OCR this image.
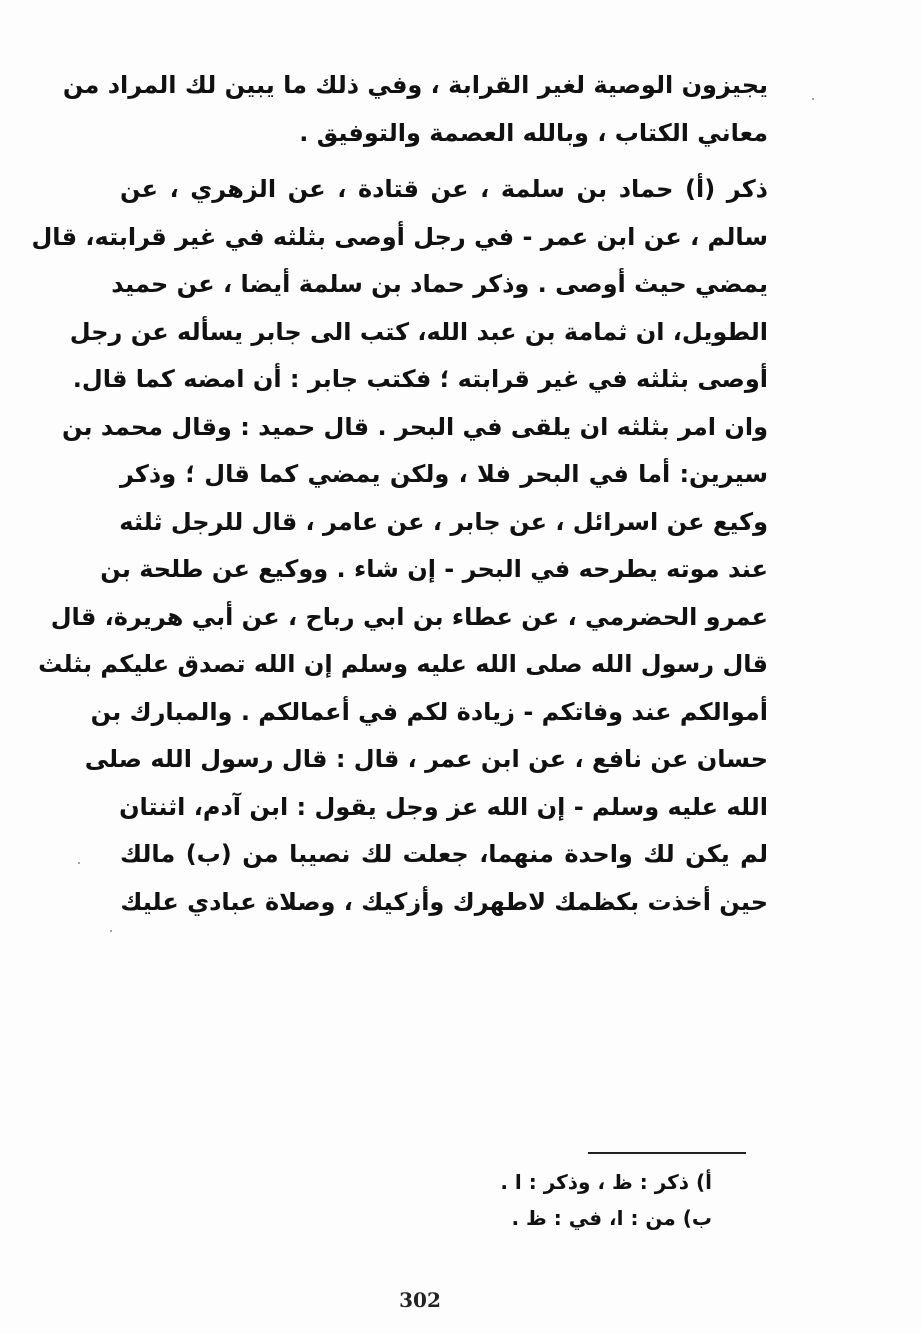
يجيزون الوصية لغير القرابة ، وفي ذلك ما يبين لك المراد من
معاني الكتاب ، وبالله العصمة والتوفيق .
ذكر (أ) حماد بن سلمة ، عن قتادة ، عن الزهري ، عن
سالم ، عن ابن عمر - في رجل أوصى بثلثه في غير قرابته، قال
يمضي حيث أوصى . وذكر حماد بن سلمة أيضا ، عن حميد
الطويل، ان ثمامة بن عبد الله، كتب الى جابر يسأله عن رجل
أوصى بثلثه في غير قرابته ؛ فكتب جابر : أن امضه كما قال.
وان امر بثلثه ان يلقى في البحر . قال حميد : وقال محمد بن
سيرين: أما في البحر فلا ، ولكن يمضي كما قال ؛ وذكر
وكيع عن اسرائل ، عن جابر ، عن عامر ، قال للرجل ثلثه
عند موته يطرحه في البحر - إن شاء . ووكيع عن طلحة بن
عمرو الحضرمي ، عن عطاء بن ابي رباح ، عن أبي هريرة، قال
قال رسول الله صلى الله عليه وسلم إن الله تصدق عليكم بثلث
أموالكم عند وفاتكم - زيادة لكم في أعمالكم . والمبارك بن
حسان عن نافع ، عن ابن عمر ، قال : قال رسول الله صلى
الله عليه وسلم - إن الله عز وجل يقول : ابن آدم، اثنتان
لم يكن لك واحدة منهما، جعلت لك نصيبا من (ب) مالك
حين أخذت بكظمك لاطهرك وأزكيك ، وصلاة عبادي عليك
أ) ذكر : ظ ، وذكر : ا .
ب) من : ا، في : ظ .
302
